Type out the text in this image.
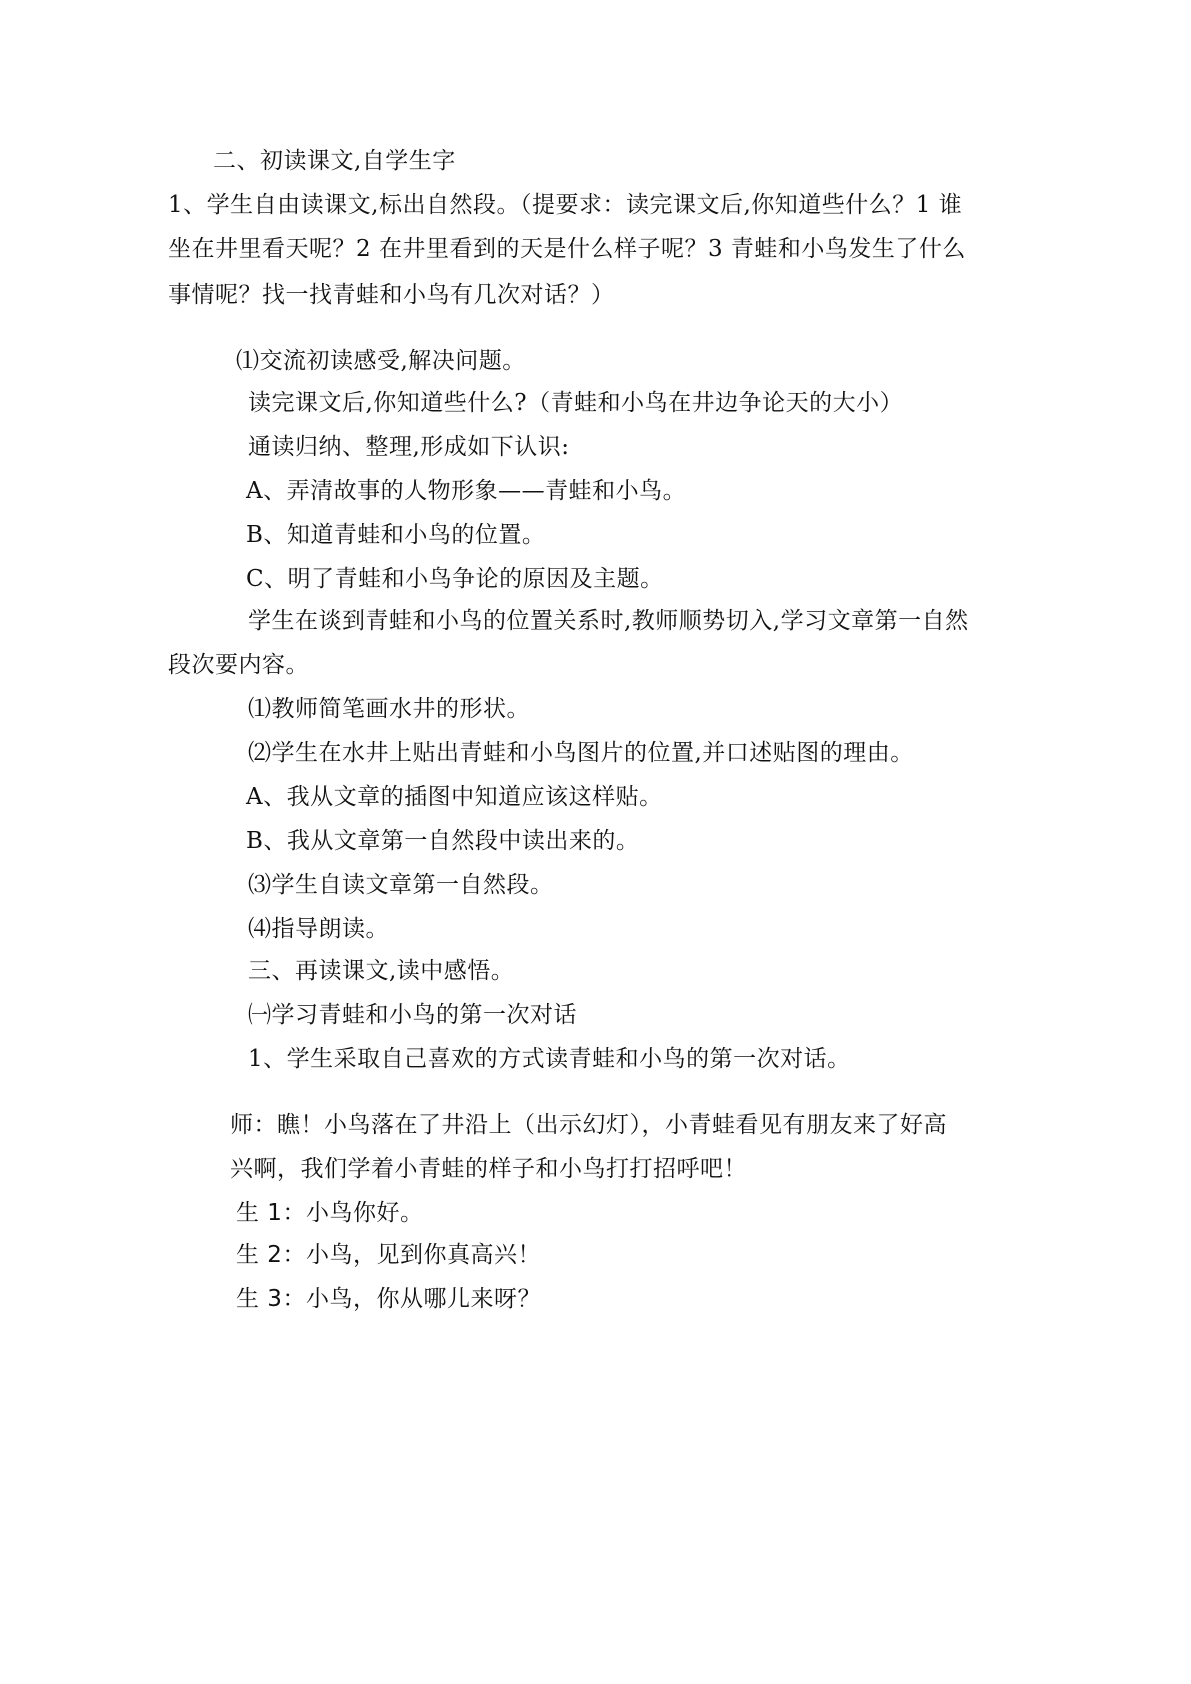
二、初读课文,自学生字
1、学生自由读课文,标出自然段。（提要求：读完课文后,你知道些什么？1 谁
坐在井里看天呢？2 在井里看到的天是什么样子呢？3 青蛙和小鸟发生了什么
事情呢？找一找青蛙和小鸟有几次对话？）
⑴交流初读感受,解决问题。
读完课文后,你知道些什么?（青蛙和小鸟在井边争论天的大小）
通读归纳、整理,形成如下认识:
A、弄清故事的人物形象——青蛙和小鸟。
B、知道青蛙和小鸟的位置。
C、明了青蛙和小鸟争论的原因及主题。
学生在谈到青蛙和小鸟的位置关系时,教师顺势切入,学习文章第一自然
段次要内容。
⑴教师简笔画水井的形状。
⑵学生在水井上贴出青蛙和小鸟图片的位置,并口述贴图的理由。
A、我从文章的插图中知道应该这样贴。
B、我从文章第一自然段中读出来的。
⑶学生自读文章第一自然段。
⑷指导朗读。
三、再读课文,读中感悟。
㈠学习青蛙和小鸟的第一次对话
1、学生采取自己喜欢的方式读青蛙和小鸟的第一次对话。
师：瞧！小鸟落在了井沿上（出示幻灯），小青蛙看见有朋友来了好高
兴啊，我们学着小青蛙的样子和小鸟打打招呼吧！
生 1：小鸟你好。
生 2：小鸟，见到你真高兴！
生 3：小鸟，你从哪儿来呀？
